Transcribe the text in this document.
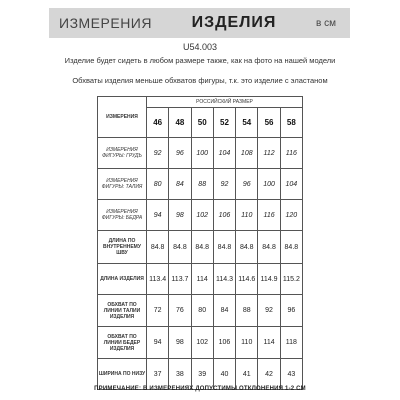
ИЗМЕРЕНИЯ ИЗДЕЛИЯ	в см
U54.003
Изделие будет сидеть в любом размере также, как на фото на нашей модели
Обхваты изделия меньше обхватов фигуры, т.к. это изделие с эластаном
ИЗМЕРЕНИЯ	РОССИЙСКИЙ РАЗМЕР						
	46	48	50	52	54	56	58
ИЗМЕРЕНИЯ ФИГУРЫ: ГРУДЬ	92	96	100	104	108	112	116
ИЗМЕРЕНИЯ ФИГУРЫ: ТАЛИЯ	80	84	88	92	96	100	104
ИЗМЕРЕНИЯ ФИГУРЫ: БЕДРА	94	98	102	106	110	116	120
ДЛИНА ПО ВНУТРЕННЕМУ ШВУ	84.8	84.8	84.8	84.8	84.8	84.8	84.8
ДЛИНА ИЗДЕЛИЯ	113.4	113.7	114	114.3	114.6	114.9	115.2
ОБХВАТ ПО ЛИНИИ ТАЛИИ ИЗДЕЛИЯ	72	76	80	84	88	92	96
ОБХВАТ ПО ЛИНИИ БЕДЕР ИЗДЕЛИЯ	94	98	102	106	110	114	118
ШИРИНА ПО НИЗУ	37	38	39	40	41	42	43
ПРИМЕЧАНИЕ: В ИЗМЕРЕНИЯХ ДОПУСТИМЫ ОТКЛОНЕНИЯ 1-2 СМ
